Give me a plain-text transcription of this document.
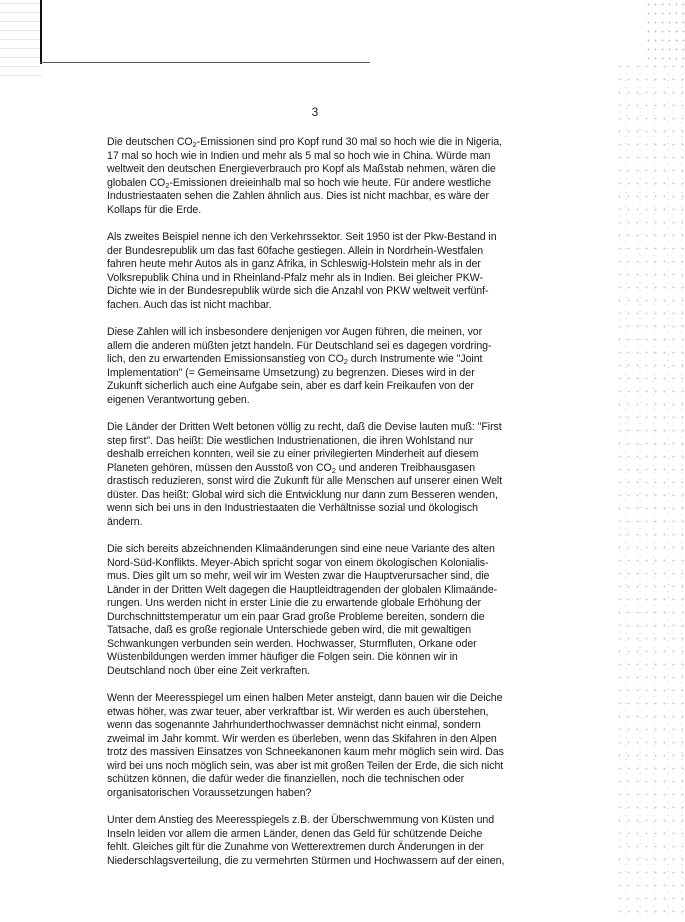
3
Die deutschen $CO_2$-Emissionen sind pro Kopf rund 30 mal so hoch wie die in Nigeria,
17 mal so hoch wie in Indien und mehr als 5 mal so hoch wie in China. Würde man
weltweit den deutschen Energieverbrauch pro Kopf als Maßstab nehmen, wären die
globalen $CO_2$-Emissionen dreieinhalb mal so hoch wie heute. Für andere westliche
Industriestaaten sehen die Zahlen ähnlich aus. Dies ist nicht machbar, es wäre der
Kollaps für die Erde.
Als zweites Beispiel nenne ich den Verkehrssektor. Seit 1950 ist der Pkw-Bestand in
der Bundesrepublik um das fast 60fache gestiegen. Allein in Nordrhein-Westfalen
fahren heute mehr Autos als in ganz Afrika, in Schleswig-Holstein mehr als in der
Volksrepublik China und in Rheinland-Pfalz mehr als in Indien. Bei gleicher PKW-
Dichte wie in der Bundesrepublik würde sich die Anzahl von PKW weltweit verfünf-
fachen. Auch das ist nicht machbar.
Diese Zahlen will ich insbesondere denjenigen vor Augen führen, die meinen, vor
allem die anderen müßten jetzt handeln. Für Deutschland sei es dagegen vordring-
lich, den zu erwartenden Emissionsanstieg von $CO_2$ durch Instrumente wie "Joint
Implementation" (= Gemeinsame Umsetzung) zu begrenzen. Dieses wird in der
Zukunft sicherlich auch eine Aufgabe sein, aber es darf kein Freikaufen von der
eigenen Verantwortung geben.
Die Länder der Dritten Welt betonen völlig zu recht, daß die Devise lauten muß: "First
step first". Das heißt: Die westlichen Industrienationen, die ihren Wohlstand nur
deshalb erreichen konnten, weil sie zu einer privilegierten Minderheit auf diesem
Planeten gehören, müssen den Ausstoß von $CO_2$ und anderen Treibhausgasen
drastisch reduzieren, sonst wird die Zukunft für alle Menschen auf unserer einen Welt
düster. Das heißt: Global wird sich die Entwicklung nur dann zum Besseren wenden,
wenn sich bei uns in den Industriestaaten die Verhältnisse sozial und ökologisch
ändern.
Die sich bereits abzeichnenden Klimaänderungen sind eine neue Variante des alten
Nord-Süd-Konflikts. Meyer-Abich spricht sogar von einem ökologischen Kolonialis-
mus. Dies gilt um so mehr, weil wir im Westen zwar die Hauptverursacher sind, die
Länder in der Dritten Welt dagegen die Hauptleidtragenden der globalen Klimaände-
rungen. Uns werden nicht in erster Linie die zu erwartende globale Erhöhung der
Durchschnittstemperatur um ein paar Grad große Probleme bereiten, sondern die
Tatsache, daß es große regionale Unterschiede geben wird, die mit gewaltigen
Schwankungen verbunden sein werden. Hochwasser, Sturmfluten, Orkane oder
Wüstenbildungen werden immer häufiger die Folgen sein. Die können wir in
Deutschland noch über eine Zeit verkraften.
Wenn der Meeresspiegel um einen halben Meter ansteigt, dann bauen wir die Deiche
etwas höher, was zwar teuer, aber verkraftbar ist. Wir werden es auch überstehen,
wenn das sogenannte Jahrhunderthochwasser demnächst nicht einmal, sondern
zweimal im Jahr kommt. Wir werden es überleben, wenn das Skifahren in den Alpen
trotz des massiven Einsatzes von Schneekanonen kaum mehr möglich sein wird. Das
wird bei uns noch möglich sein, was aber ist mit großen Teilen der Erde, die sich nicht
schützen können, die dafür weder die finanziellen, noch die technischen oder
organisatorischen Voraussetzungen haben?
Unter dem Anstieg des Meeresspiegels z.B. der Überschwemmung von Küsten und
Inseln leiden vor allem die armen Länder, denen das Geld für schützende Deiche
fehlt. Gleiches gilt für die Zunahme von Wetterextremen durch Änderungen in der
Niederschlagsverteilung, die zu vermehrten Stürmen und Hochwassern auf der einen,
